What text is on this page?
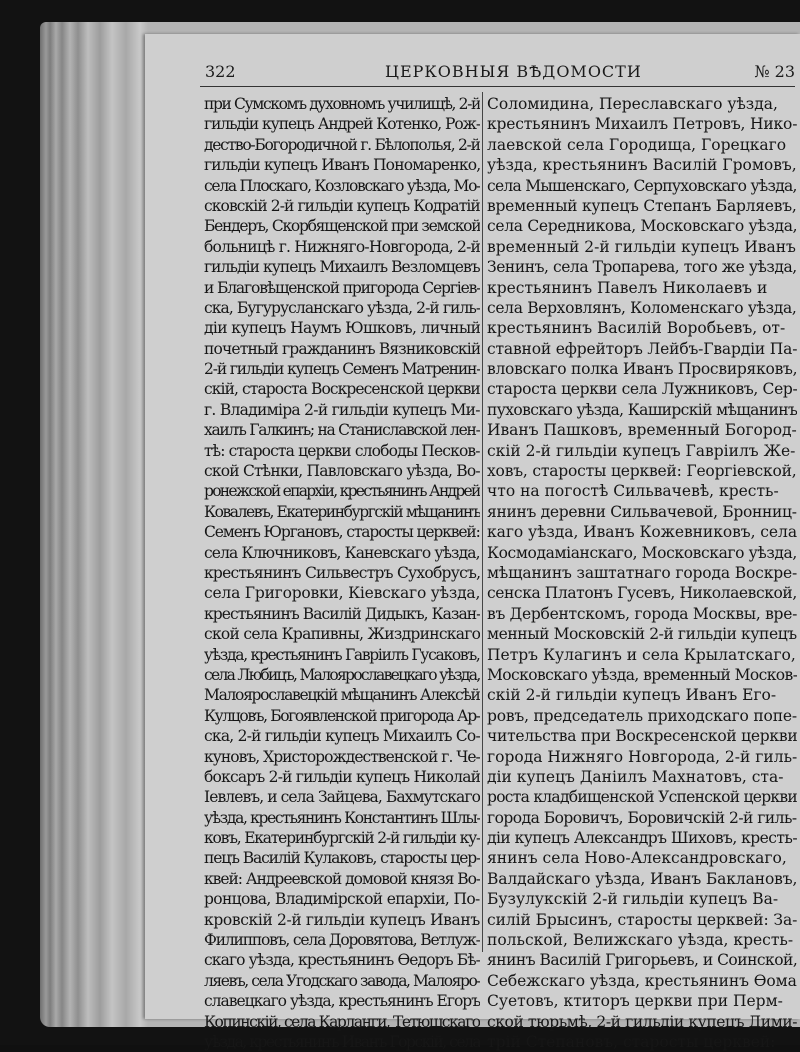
322	ЦЕРКОВНЫЯ ВѢДОМОСТИ	№ 23
при Сумскомъ духовномъ училищѣ, 2-й
гильдіи купецъ Андрей Котенко, Рож-
дество-Богородичной г. Бѣлополья, 2-й
гильдіи купецъ Иванъ Пономаренко,
села Плоскаго, Козловскаго уѣзда, Мо-
сковскій 2-й гильдіи купецъ Кодратій
Бендеръ, Скорбященской при земской
больницѣ г. Нижняго-Новгорода, 2-й
гильдіи купецъ Михаилъ Везломцевъ
и Благовѣщенской пригорода Сергіев-
ска, Бугурусланскаго уѣзда, 2-й гиль-
діи купецъ Наумъ Юшковъ, личный
почетный гражданинъ Вязниковскій
2-й гильдіи купецъ Семенъ Матренин-
скій, староста Воскресенской церкви
г. Владиміра 2-й гильдіи купецъ Ми-
хаилъ Галкинъ; на Станиславской лен-
тѣ: староста церкви слободы Песков-
ской Стѣнки, Павловскаго уѣзда, Во-
ронежской епархіи, крестьянинъ Андрей
Ковалевъ, Екатеринбургскій мѣщанинъ
Семенъ Юргановъ, старосты церквей:
села Ключниковъ, Каневскаго уѣзда,
крестьянинъ Сильвестръ Сухобрусъ,
села Григоровки, Кіевскаго уѣзда,
крестьянинъ Василій Дидыкъ, Казан-
ской села Крапивны, Жиздринскаго
уѣзда, крестьянинъ Гавріилъ Гусаковъ,
села Любицъ, Малоярославецкаго уѣзда,
Малоярославецкій мѣщанинъ Алексѣй
Кулцовъ, Богоявленской пригорода Ар-
ска, 2-й гильдіи купецъ Михаилъ Со-
куновъ, Христорождественской г. Че-
боксаръ 2-й гильдіи купецъ Николай
Іевлевъ, и села Зайцева, Бахмутскаго
уѣзда, крестьянинъ Константинъ Шлы-
ковъ, Екатеринбургскій 2-й гильдіи ку-
пецъ Василій Кулаковъ, старосты цер-
квей: Андреевской домовой князя Во-
ронцова, Владимірской епархіи, По-
кровскій 2-й гильдіи купецъ Иванъ
Филипповъ, села Доровятова, Ветлуж-
скаго уѣзда, крестьянинъ Ѳедоръ Бѣ-
ляевъ, села Угодскаго завода, Малояро-
славецкаго уѣзда, крестьянинъ Егоръ
Копинскій, села Карланги, Тетюшскаго
уѣзда, крестьянинъ Иванъ Горскій, села
Соломидина, Переславскаго уѣзда,
крестьянинъ Михаилъ Петровъ, Нико-
лаевской села Городища, Горецкаго
уѣзда, крестьянинъ Василій Громовъ,
села Мышенскаго, Серпуховскаго уѣзда,
временный купецъ Степанъ Барляевъ,
села Середникова, Московскаго уѣзда,
временный 2-й гильдіи купецъ Иванъ
Зенинъ, села Тропарева, того же уѣзда,
крестьянинъ Павелъ Николаевъ и
села Верховлянъ, Коломенскаго уѣзда,
крестьянинъ Василій Воробьевъ, от-
ставной ефрейторъ Лейбъ-Гвардіи Па-
вловскаго полка Иванъ Просвиряковъ,
староста церкви села Лужниковъ, Сер-
пуховскаго уѣзда, Каширскій мѣщанинъ
Иванъ Пашковъ, временный Богород-
скій 2-й гильдіи купецъ Гавріилъ Же-
ховъ, старосты церквей: Георгіевской,
что на погостѣ Сильвачевѣ, кресть-
янинъ деревни Сильвачевой, Бронниц-
каго уѣзда, Иванъ Кожевниковъ, села
Космодаміанскаго, Московскаго уѣзда,
мѣщанинъ заштатнаго города Воскре-
сенска Платонъ Гусевъ, Николаевской,
въ Дербентскомъ, города Москвы, вре-
менный Московскій 2-й гильдіи купецъ
Петръ Кулагинъ и села Крылатскаго,
Московскаго уѣзда, временный Москов-
скій 2-й гильдіи купецъ Иванъ Его-
ровъ, председатель приходскаго попе-
чительства при Воскресенской церкви
города Нижняго Новгорода, 2-й гиль-
діи купецъ Даніилъ Махнатовъ, ста-
роста кладбищенской Успенской церкви
города Боровичъ, Боровичскій 2-й гиль-
діи купецъ Александръ Шиховъ, кресть-
янинъ села Ново-Александровскаго,
Валдайскаго уѣзда, Иванъ Баклановъ,
Бузулукскій 2-й гильдіи купецъ Ва-
силій Брысинъ, старосты церквей: За-
польской, Велижскаго уѣзда, кресть-
янинъ Василій Григорьевъ, и Соинской,
Себежскаго уѣзда, крестьянинъ Ѳома
Суетовъ, ктиторъ церкви при Перм-
ской тюрьмѣ, 2-й гильдіи купецъ Дими-
трій Степановъ, старосты церквей:
